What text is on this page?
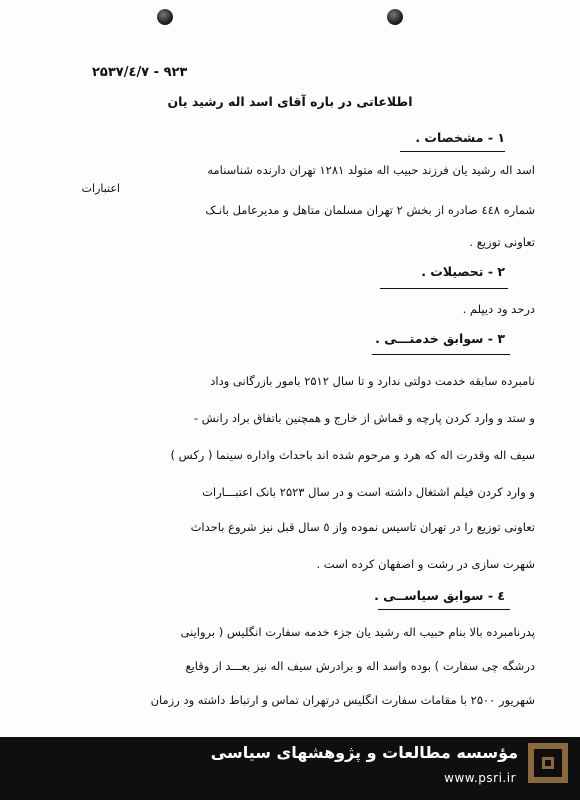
۲۵۳۷/٤/۷ - ۹۲۳
اطلاعاتی در باره آقای اسد اله رشید یان
۱ - مشخصات .
اسد اله رشید یان فرزند حبیب اله متولد ۱۲۸۱ تهران دارنده شناسنامه
اعتبارات
شماره ٤٤۸ صادره از بخش ۲ تهران مسلمان متاهل و مدیرعامل بانـک
تعاونی توزیع .
۲ - تحصیلات .
درحد ود دیپلم .
۳ - سوابق خدمتـــی .
نامبرده سابقه خدمت دولتی ندارد و تا سال ۲۵۱۲ بامور بازرگانی وداد
و ستد و وارد کردن پارچه و قماش از خارج و همچنین باتفاق براد رانش -
سیف اله وقدرت اله که هرد و مرحوم شده اند باحداث واداره سینما ( رکس )
و وارد کردن فیلم اشتغال داشته است و در سال ۲۵۲۳ بانک اعتبـــارات
تعاونی توزیع را در تهران تاسیس نموده واز ٥ سال قبل نیز شروع باحداث
شهرت سازی در رشت و اصفهان کرده است .
٤ - سوابق سیاســی .
پدرنامبرده بالا بنام حبیب اله رشید یان جزء خدمه سفارت انگلیس ( برواینی
درشگه چی سفارت ) بوده واسد اله و برادرش سیف اله نیز بعـــد از وقایع
شهریور ۲۵۰۰ با مقامات سفارت انگلیس درتهران تماس و ارتباط داشته ود رزمان
مؤسسه مطالعات و پژوهشهای سیاسی
www.psri.ir
